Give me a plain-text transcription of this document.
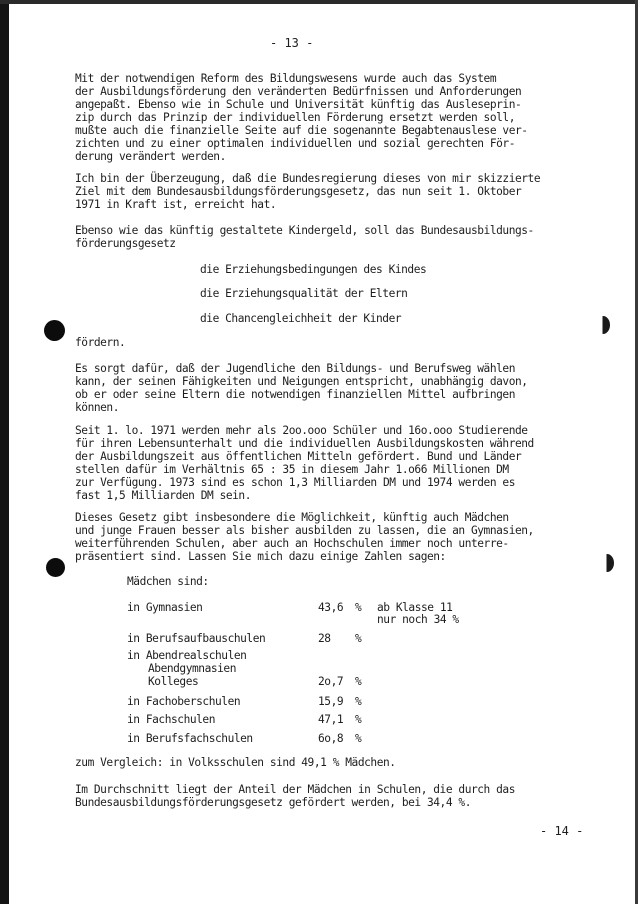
- 13 -
Mit der notwendigen Reform des Bildungswesens wurde auch das System
der Ausbildungsförderung den veränderten Bedürfnissen und Anforderungen
angepaßt. Ebenso wie in Schule und Universität künftig das Ausleseprin-
zip durch das Prinzip der individuellen Förderung ersetzt werden soll,
mußte auch die finanzielle Seite auf die sogenannte Begabtenauslese ver-
zichten und zu einer optimalen individuellen und sozial gerechten För-
derung verändert werden.
Ich bin der Überzeugung, daß die Bundesregierung dieses von mir skizzierte
Ziel mit dem Bundesausbildungsförderungsgesetz, das nun seit 1. Oktober
1971 in Kraft ist, erreicht hat.
Ebenso wie das künftig gestaltete Kindergeld, soll das Bundesausbildungs-
förderungsgesetz
die Erziehungsbedingungen des Kindes
die Erziehungsqualität der Eltern
die Chancengleichheit der Kinder
fördern.
Es sorgt dafür, daß der Jugendliche den Bildungs- und Berufsweg wählen
kann, der seinen Fähigkeiten und Neigungen entspricht, unabhängig davon,
ob er oder seine Eltern die notwendigen finanziellen Mittel aufbringen
können.
Seit 1. lo. 1971 werden mehr als 2oo.ooo Schüler und 16o.ooo Studierende
für ihren Lebensunterhalt und die individuellen Ausbildungskosten während
der Ausbildungszeit aus öffentlichen Mitteln gefördert. Bund und Länder
stellen dafür im Verhältnis 65 : 35 in diesem Jahr 1.o66 Millionen DM
zur Verfügung. 1973 sind es schon 1,3 Milliarden DM und 1974 werden es
fast 1,5 Milliarden DM sein.
Dieses Gesetz gibt insbesondere die Möglichkeit, künftig auch Mädchen
und junge Frauen besser als bisher ausbilden zu lassen, die an Gymnasien,
weiterführenden Schulen, aber auch an Hochschulen immer noch unterre-
präsentiert sind. Lassen Sie mich dazu einige Zahlen sagen:
Mädchen sind:
in Gymnasien	43,6 % ab Klasse 11
nur noch 34 %
in Berufsaufbauschulen	28 %
in Abendrealschulen
Abendgymnasien
Kolleges	2o,7 %
in Fachoberschulen	15,9 %
in Fachschulen	47,1 %
in Berufsfachschulen	6o,8 %
zum Vergleich: in Volksschulen sind 49,1 % Mädchen.
Im Durchschnitt liegt der Anteil der Mädchen in Schulen, die durch das
Bundesausbildungsförderungsgesetz gefördert werden, bei 34,4 %.
- 14 -
